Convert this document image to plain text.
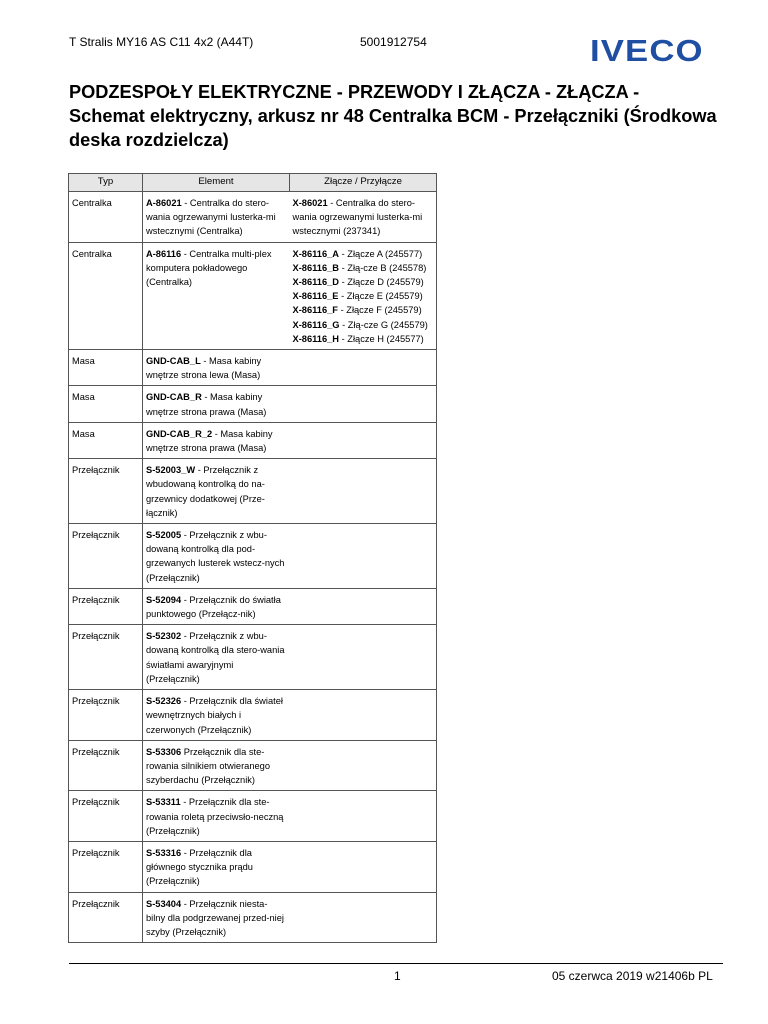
T Stralis MY16 AS C11 4x2 (A44T)	5001912754	IVECO
PODZESPOŁY ELEKTRYCZNE - PRZEWODY I ZŁĄCZA - ZŁĄCZA - Schemat elektryczny, arkusz nr 48 Centralka BCM - Przełączniki (Środkowa deska rozdzielcza)
Typ	Element	Złącze / Przyłącze
Centralka	A-86021 - Centralka do stero-wania ogrzewanymi lusterka-mi wstecznymi (Centralka)	X-86021 - Centralka do stero-wania ogrzewanymi lusterka-mi wstecznymi (237341)
Centralka	A-86116 - Centralka multi-plex komputera pokładowego (Centralka)	X-86116_A - Złącze A (245577) X-86116_B - Złą-cze B (245578) X-86116_D - Złącze D (245579) X-86116_E - Złącze E (245579) X-86116_F - Złącze F (245579) X-86116_G - Złą-cze G (245579) X-86116_H - Złącze H (245577)
Masa	GND-CAB_L - Masa kabiny wnętrze strona lewa (Masa)	
Masa	GND-CAB_R - Masa kabiny wnętrze strona prawa (Masa)	
Masa	GND-CAB_R_2 - Masa kabiny wnętrze strona prawa (Masa)	
Przełącznik	S-52003_W - Przełącznik z wbudowaną kontrolką do na-grzewnicy dodatkowej (Prze-łącznik)	
Przełącznik	S-52005 - Przełącznik z wbu-dowaną kontrolką dla pod-grzewanych lusterek wstecz-nych (Przełącznik)	
Przełącznik	S-52094 - Przełącznik do światła punktowego (Przełącz-nik)	
Przełącznik	S-52302 - Przełącznik z wbu-dowaną kontrolką dla stero-wania światłami awaryjnymi (Przełącznik)	
Przełącznik	S-52326 - Przełącznik dla świateł wewnętrznych białych i czerwonych (Przełącznik)	
Przełącznik	S-53306 Przełącznik dla ste-rowania silnikiem otwieranego szyberdachu (Przełącznik)	
Przełącznik	S-53311 - Przełącznik dla ste-rowania roletą przeciwsło-neczną (Przełącznik)	
Przełącznik	S-53316 - Przełącznik dla głównego stycznika prądu (Przełącznik)	
Przełącznik	S-53404 - Przełącznik niesta-bilny dla podgrzewanej przed-niej szyby (Przełącznik)	
1	05 czerwca 2019 w21406b PL
